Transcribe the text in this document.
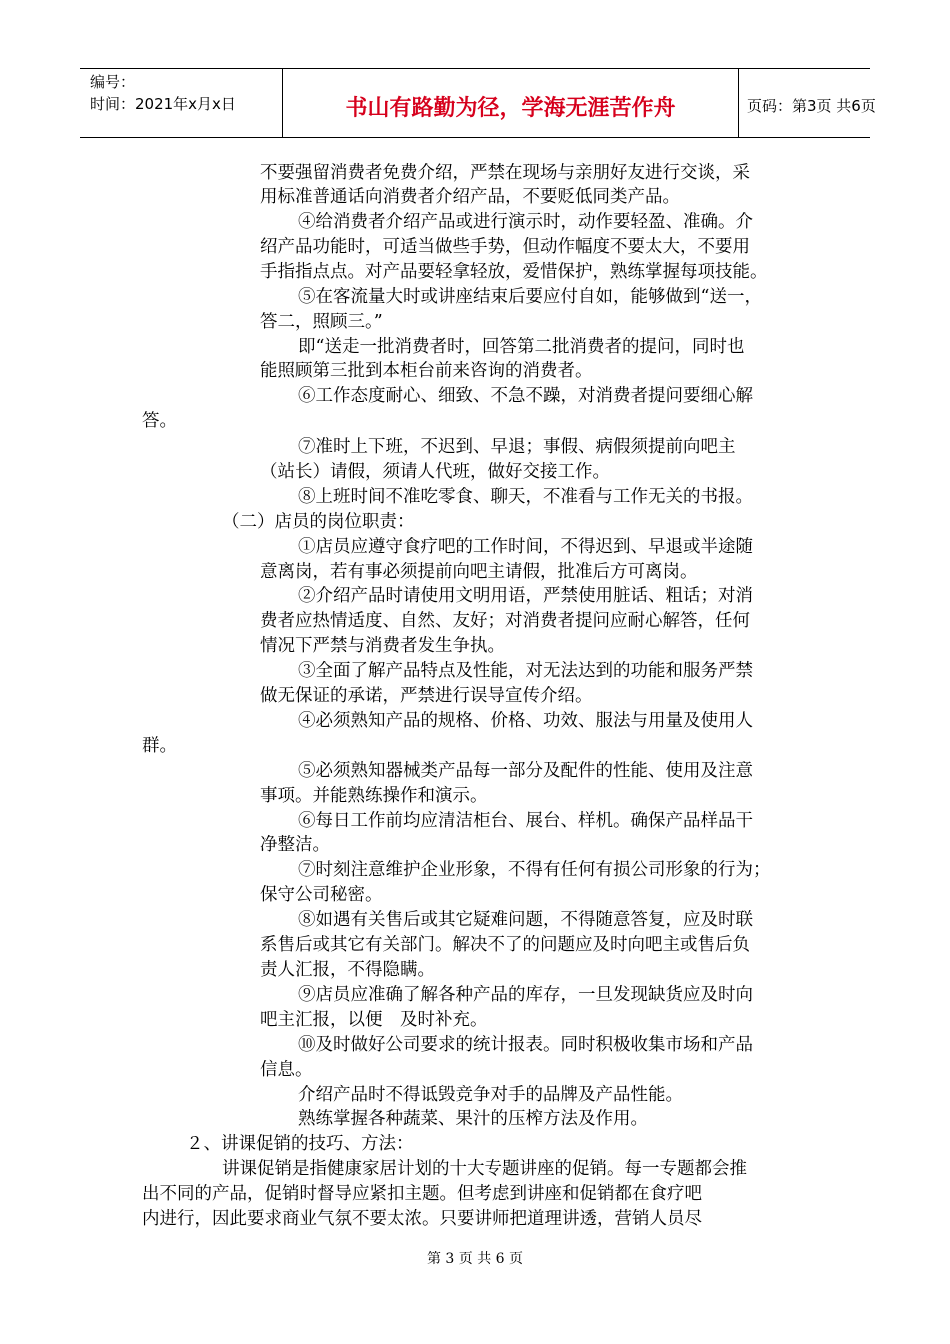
编号：
时间：2021年x月x日	书山有路勤为径，学海无涯苦作舟	页码：第3页 共6页
不要强留消费者免费介绍，严禁在现场与亲朋好友进行交谈，采
用标准普通话向消费者介绍产品，不要贬低同类产品。
④给消费者介绍产品或进行演示时，动作要轻盈、准确。介
绍产品功能时，可适当做些手势，但动作幅度不要太大，不要用
手指指点点。对产品要轻拿轻放，爱惜保护，熟练掌握每项技能。
⑤在客流量大时或讲座结束后要应付自如，能够做到“送一，
答二，照顾三。”
即“送走一批消费者时，回答第二批消费者的提问，同时也
能照顾第三批到本柜台前来咨询的消费者。
⑥工作态度耐心、细致、不急不躁，对消费者提问要细心解
答。
⑦准时上下班，不迟到、早退；事假、病假须提前向吧主
（站长）请假，须请人代班，做好交接工作。
⑧上班时间不准吃零食、聊天，不准看与工作无关的书报。
（二）店员的岗位职责：
①店员应遵守食疗吧的工作时间，不得迟到、早退或半途随
意离岗，若有事必须提前向吧主请假，批准后方可离岗。
②介绍产品时请使用文明用语，严禁使用脏话、粗话；对消
费者应热情适度、自然、友好；对消费者提问应耐心解答，任何
情况下严禁与消费者发生争执。
③全面了解产品特点及性能，对无法达到的功能和服务严禁
做无保证的承诺，严禁进行误导宣传介绍。
④必须熟知产品的规格、价格、功效、服法与用量及使用人
群。
⑤必须熟知器械类产品每一部分及配件的性能、使用及注意
事项。并能熟练操作和演示。
⑥每日工作前均应清洁柜台、展台、样机。确保产品样品干
净整洁。
⑦时刻注意维护企业形象，不得有任何有损公司形象的行为；
保守公司秘密。
⑧如遇有关售后或其它疑难问题，不得随意答复，应及时联
系售后或其它有关部门。解决不了的问题应及时向吧主或售后负
责人汇报，不得隐瞒。
⑨店员应准确了解各种产品的库存，一旦发现缺货应及时向
吧主汇报，以便　及时补充。
⑩及时做好公司要求的统计报表。同时积极收集市场和产品
信息。
介绍产品时不得诋毁竞争对手的品牌及产品性能。
熟练掌握各种蔬菜、果汁的压榨方法及作用。
２、讲课促销的技巧、方法：
讲课促销是指健康家居计划的十大专题讲座的促销。每一专题都会推
出不同的产品，促销时督导应紧扣主题。但考虑到讲座和促销都在食疗吧
内进行，因此要求商业气氛不要太浓。只要讲师把道理讲透，营销人员尽
第 3 页 共 6 页
